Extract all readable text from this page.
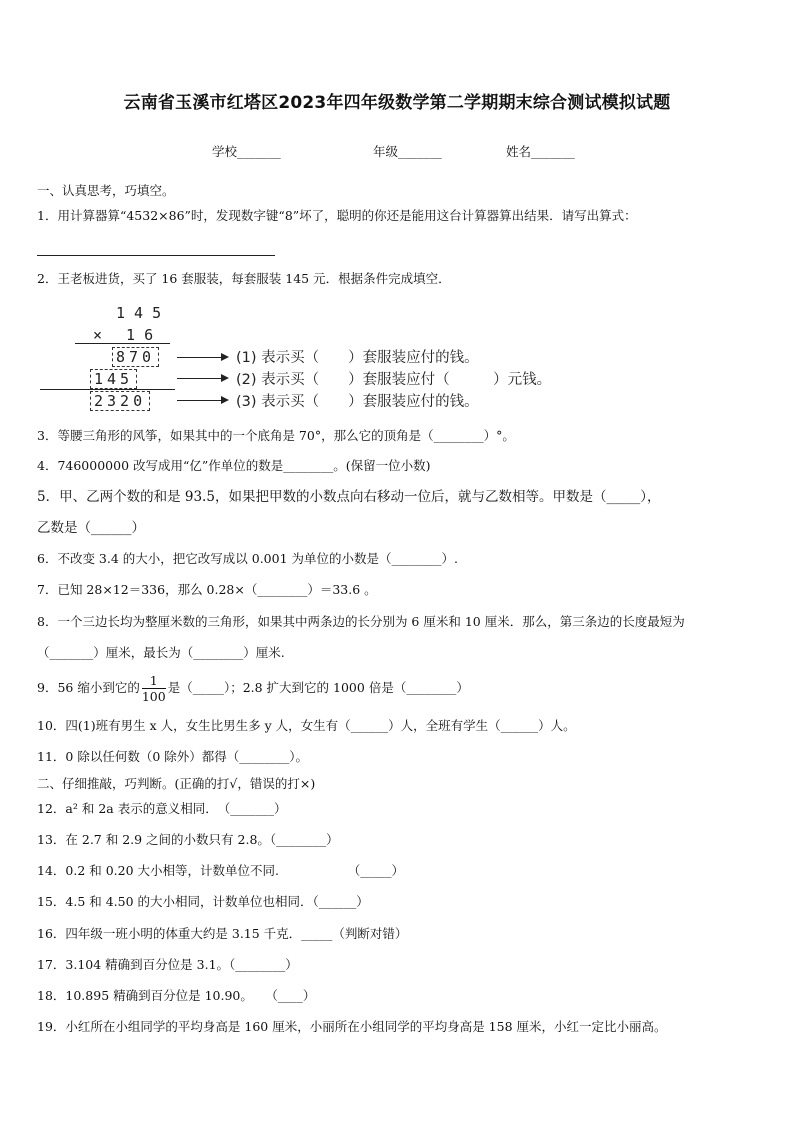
云南省玉溪市红塔区2023年四年级数学第二学期期末综合测试模拟试题
学校_______	年级_______	姓名_______
一、认真思考，巧填空。
1．用计算器算“4532×86”时，发现数字键“8”坏了，聪明的你还是能用这台计算器算出结果．请写出算式：
2．王老板进货，买了 16 套服装，每套服装 145 元．根据条件完成填空．
1 4 5
× 　1 6
870
145
2320
(1) 表示买（　　）套服装应付的钱。
(2) 表示买（　　）套服装应付（　　　）元钱。
(3) 表示买（　　）套服装应付的钱。
3．等腰三角形的风筝，如果其中的一个底角是 70°，那么它的顶角是（________）°。
4．746000000 改写成用“亿”作单位的数是________。(保留一位小数)
5．甲、乙两个数的和是 93.5，如果把甲数的小数点向右移动一位后，就与乙数相等。甲数是（_____），
乙数是（______）
6．不改变 3.4 的大小，把它改写成以 0.001 为单位的小数是（________）.
7．已知 28×12＝336，那么 0.28×（________）＝33.6 。
8．一个三边长均为整厘米数的三角形，如果其中两条边的长分别为 6 厘米和 10 厘米．那么，第三条边的长度最短为
（_______）厘米，最长为（________）厘米.
9．56 缩小到它的 $\frac{1}{100}$ 是（_____）；2.8 扩大到它的 1000 倍是（________）
10．四(1)班有男生 x 人，女生比男生多 y 人，女生有（______）人，全班有学生（______）人。
11．0 除以任何数（0 除外）都得（________）。
二、仔细推敲，巧判断。(正确的打√，错误的打×)
12．a² 和 2a 表示的意义相同．　（_______）
13．在 2.7 和 2.9 之间的小数只有 2.8。（________）
14．0.2 和 0.20 大小相等，计数单位不同.　　　　　　（_____）
15．4.5 和 4.50 的大小相同，计数单位也相同．（______）
16．四年级一班小明的体重大约是 3.15 千克．_____（判断对错）
17．3.104 精确到百分位是 3.1。（________）
18．10.895 精确到百分位是 10.90。　　（____）
19．小红所在小组同学的平均身高是 160 厘米，小丽所在小组同学的平均身高是 158 厘米，小红一定比小丽高。
